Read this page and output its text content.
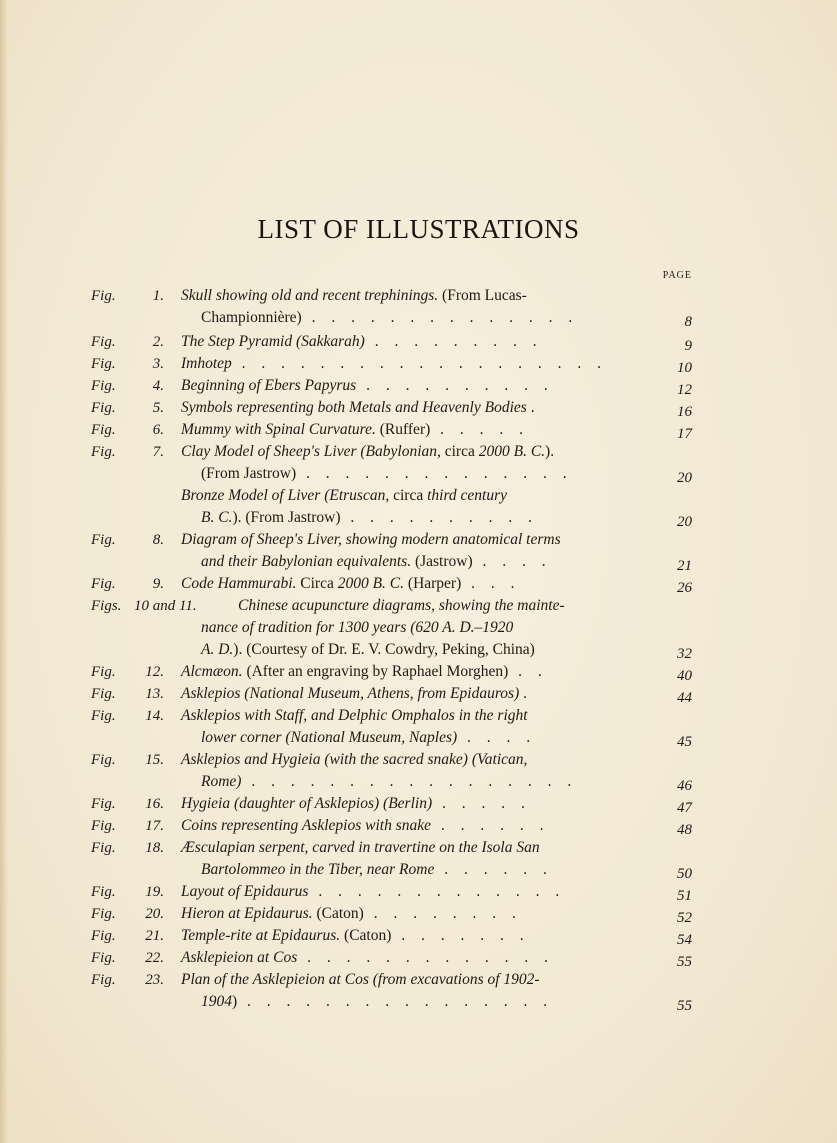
LIST OF ILLUSTRATIONS
PAGE
Fig.	1. Skull showing old and recent trephinings. (From Lucas-
Championnière) . . . . . . . . . . . . . .	8
Fig.	2. The Step Pyramid (Sakkarah) . . . . . . . . .	9
Fig.	3. Imhotep . . . . . . . . . . . . . . . . . . .	10
Fig.	4. Beginning of Ebers Papyrus . . . . . . . . . .	12
Fig.	5. Symbols representing both Metals and Heavenly Bodies .	16
Fig.	6. Mummy with Spinal Curvature. (Ruffer) . . . . .	17
Fig.	7. Clay Model of Sheep's Liver (Babylonian, circa 2000 B. C.).
(From Jastrow) . . . . . . . . . . . . . .	20
Bronze Model of Liver (Etruscan, circa third century
B. C.). (From Jastrow) . . . . . . . . . .	20
Fig.	8. Diagram of Sheep's Liver, showing modern anatomical terms
and their Babylonian equivalents. (Jastrow) . . . .	21
Fig.	9. Code Hammurabi. Circa 2000 B. C. (Harper) . . .	26
Figs. 10 and 11.	Chinese acupuncture diagrams, showing the mainte-
nance of tradition for 1300 years (620 A. D.–1920
A. D.). (Courtesy of Dr. E. V. Cowdry, Peking, China)	32
Fig.	12. Alcmæon. (After an engraving by Raphael Morghen) . .	40
Fig.	13. Asklepios (National Museum, Athens, from Epidauros) .	44
Fig.	14. Asklepios with Staff, and Delphic Omphalos in the right
lower corner (National Museum, Naples) . . . .	45
Fig.	15. Asklepios and Hygieia (with the sacred snake) (Vatican,
Rome) . . . . . . . . . . . . . . . . .	46
Fig.	16. Hygieia (daughter of Asklepios) (Berlin) . . . . .	47
Fig.	17. Coins representing Asklepios with snake . . . . . .	48
Fig.	18. Æsculapian serpent, carved in travertine on the Isola San
Bartolommeo in the Tiber, near Rome . . . . . .	50
Fig.	19. Layout of Epidaurus . . . . . . . . . . . . .	51
Fig.	20. Hieron at Epidaurus. (Caton) . . . . . . . .	52
Fig.	21. Temple-rite at Epidaurus. (Caton) . . . . . . .	54
Fig.	22. Asklepieion at Cos . . . . . . . . . . . . .	55
Fig.	23. Plan of the Asklepieion at Cos (from excavations of 1902-
1904) . . . . . . . . . . . . . . . .	55
